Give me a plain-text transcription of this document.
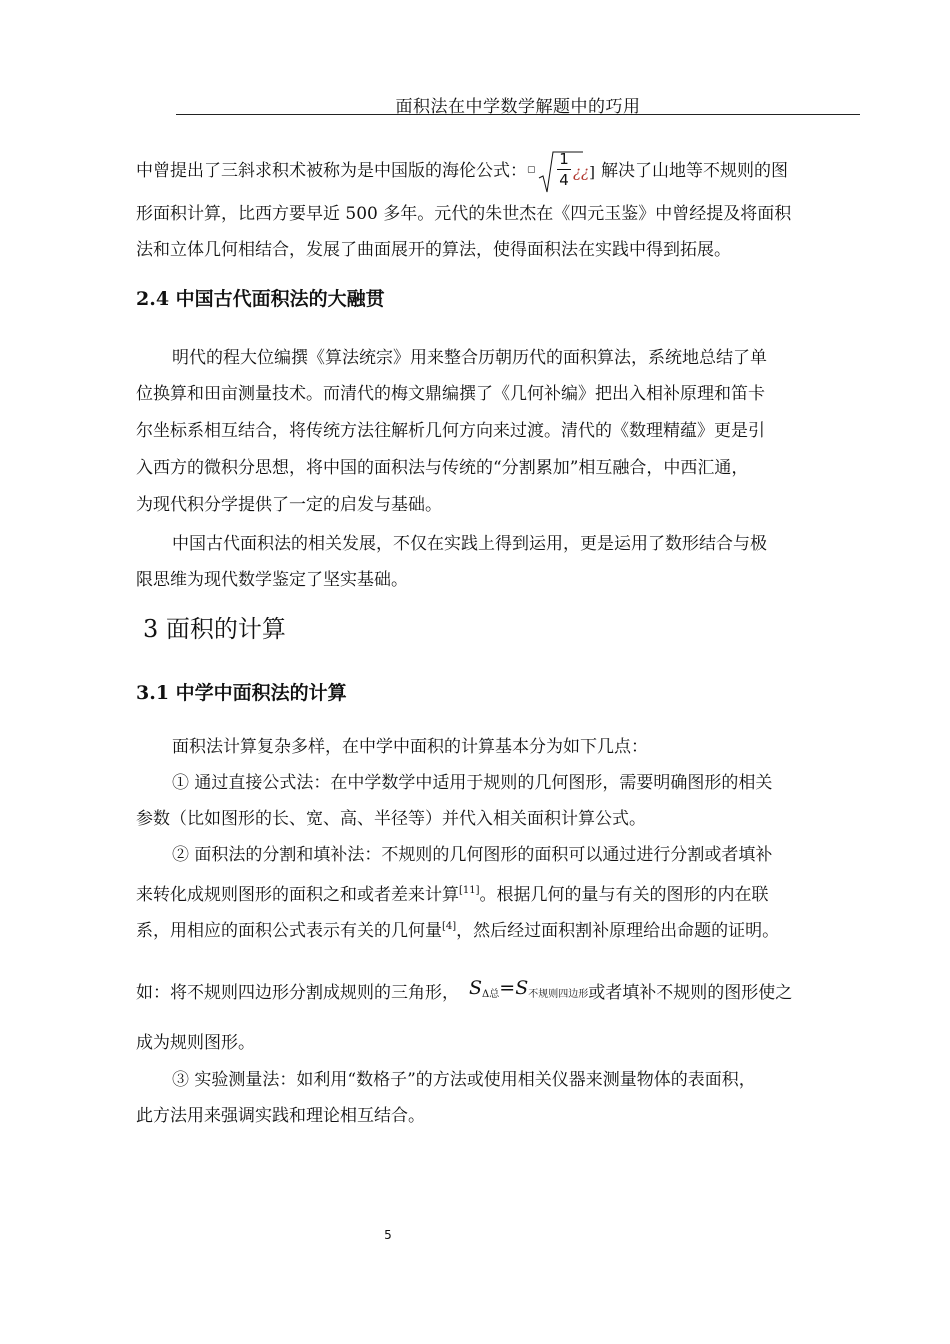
面积法在中学数学解题中的巧用
中曾提出了三斜求积术被称为是中国版的海伦公式： ▢
1
4 ¿¿] 解决了山地等不规则的图
形面积计算，比西方要早近 500 多年。元代的朱世杰在《四元玉鉴》中曾经提及将面积
法和立体几何相结合，发展了曲面展开的算法，使得面积法在实践中得到拓展。
2.4 中国古代面积法的大融贯
明代的程大位编撰《算法统宗》用来整合历朝历代的面积算法，系统地总结了单
位换算和田亩测量技术。而清代的梅文鼎编撰了《几何补编》把出入相补原理和笛卡
尔坐标系相互结合，将传统方法往解析几何方向来过渡。清代的《数理精蕴》更是引
入西方的微积分思想，将中国的面积法与传统的“分割累加”相互融合，中西汇通，
为现代积分学提供了一定的启发与基础。
中国古代面积法的相关发展，不仅在实践上得到运用，更是运用了数形结合与极
限思维为现代数学鉴定了坚实基础。
3 面积的计算
3.1 中学中面积法的计算
面积法计算复杂多样，在中学中面积的计算基本分为如下几点：
① 通过直接公式法：在中学数学中适用于规则的几何图形，需要明确图形的相关
参数（比如图形的长、宽、高、半径等）并代入相关面积计算公式。
② 面积法的分割和填补法：不规则的几何图形的面积可以通过进行分割或者填补
来转化成规则图形的面积之和或者差来计算[11]。根据几何的量与有关的图形的内在联
系，用相应的面积公式表示有关的几何量[4]，然后经过面积割补原理给出命题的证明。
如：将不规则四边形分割成规则的三角形， $S_{\Delta 总}=S_{不规则四边形}$或者填补不规则的图形使之
成为规则图形。
③ 实验测量法：如利用“数格子”的方法或使用相关仪器来测量物体的表面积，
此方法用来强调实践和理论相互结合。
5
